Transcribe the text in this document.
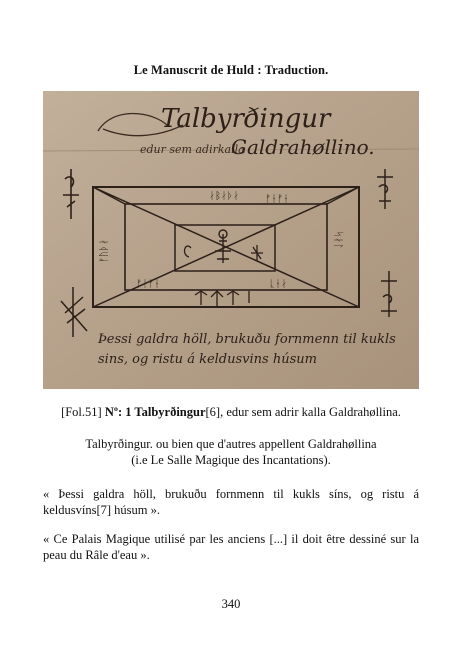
Le Manuscrit de Huld : Traduction.
Talbyrðingur
edur sem adirkalla
Galdrahøllino.
ᛅᛒᛅᚦᛅ	ᚠᛂᚠᛂ
ᚳᛂᛅ
ᚠᛂᚠᛂ
ᚠᚢᚦᛅ	ᛋᛅᛚ
Þessi galdra höll, brukuðu fornmenn til kukls
sins, og ristu á keldusvins húsum
[Fol.51] Nº: 1 Talbyrðingur[6], edur sem adrir kalla Galdrahøllina.
Talbyrðingur. ou bien que d'autres appellent Galdrahøllina
(i.e Le Salle Magique des Incantations).
« Þessi galdra höll, brukuðu fornmenn til kukls síns, og ristu á keldusvíns[7] húsum ».
« Ce Palais Magique utilisé par les anciens [...] il doit être dessiné sur la peau du Râle d'eau ».
340
